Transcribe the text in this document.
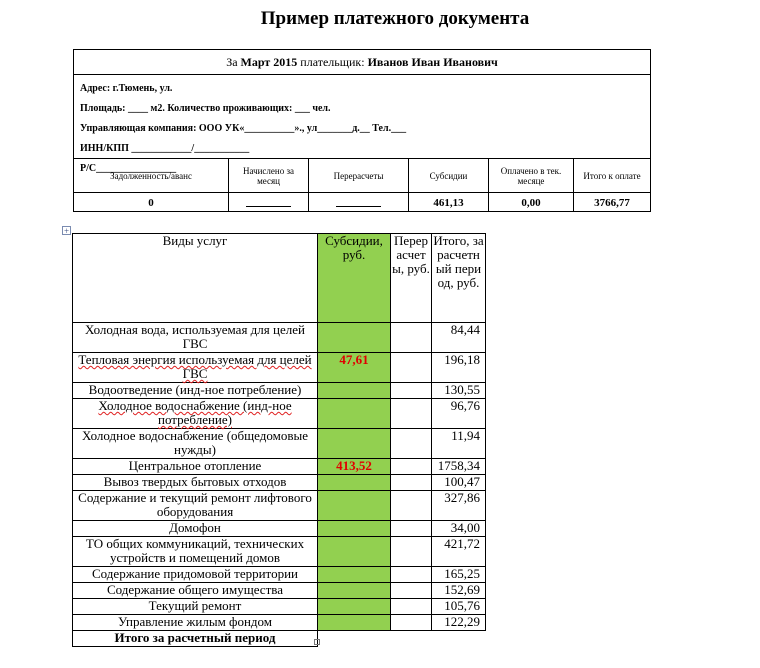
Пример платежного документа
За Март 2015 плательщик: Иванов Иван Иванович
Адрес: г.Тюмень, ул.
Площадь: ____ м2. Количество проживающих: ___ чел.
Управляющая компания: ООО УК«__________»., ул_______д.__ Тел.___
ИНН/КПП ____________/___________
Р/С________________
Задолженность/аванс	Начислено за месяц	Перерасчеты	Субсидии	Оплачено в тек. месяце	Итого к оплате
0			461,13	0,00	3766,77
+
Виды услуг	Субсидии, руб.	Перерасчеты, руб.	Итого, за расчетный период, руб.
Холодная вода, используемая для целей ГВС			84,44
Тепловая энергия используемая для целей ГВС	47,61		196,18
Водоотведение (инд-ное потребление)			130,55
Холодное водоснабжение (инд-ное потребление)			96,76
Холодное водоснабжение (общедомовые нужды)			11,94
Центральное отопление	413,52		1758,34
Вывоз твердых бытовых отходов			100,47
Содержание и текущий ремонт лифтового оборудования			327,86
Домофон			34,00
ТО общих коммуникаций, технических устройств и помещений домов			421,72
Содержание придомовой территории			165,25
Содержание общего имущества			152,69
Текущий ремонт			105,76
Управление жилым фондом			122,29
Итого за расчетный период			
